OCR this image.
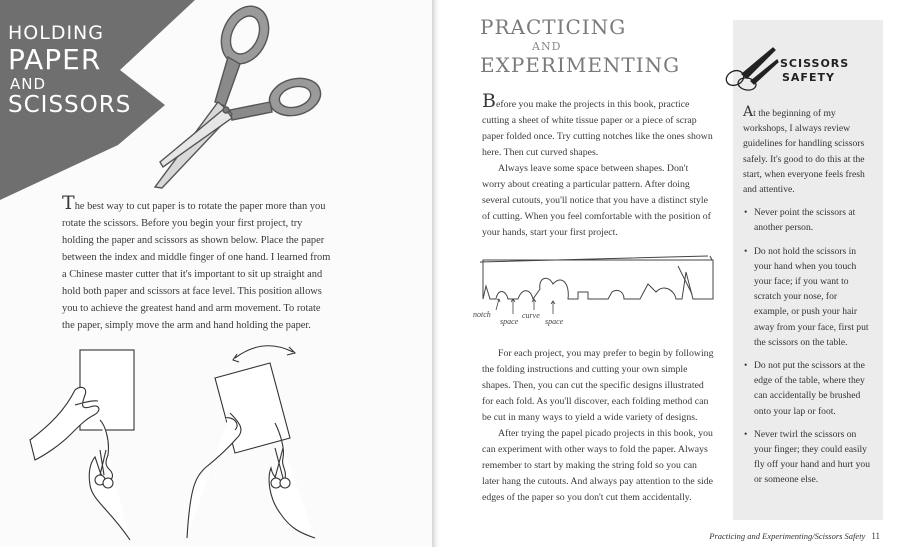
HOLDING
PAPER
AND
SCISSORS

The best way to cut paper is to rotate the paper more than you rotate the scissors. Before you begin your first project, try holding the paper and scissors as shown below. Place the paper between the index and middle finger of one hand. I learned from a Chinese master cutter that it's important to sit up straight and hold both paper and scissors at face level. This position allows you to achieve the greatest hand and arm movement. To rotate the paper, simply move the arm and hand holding the paper.

PRACTICING
AND
EXPERIMENTING

Before you make the projects in this book, practice cutting a sheet of white tissue paper or a piece of scrap paper folded once. Try cutting notches like the ones shown here. Then cut curved shapes.

Always leave some space between shapes. Don't worry about creating a particular pattern. After doing several cutouts, you'll notice that you have a distinct style of cutting. When you feel comfortable with the position of your hands, start your first project.

notch
space
curve
space

For each project, you may prefer to begin by following the folding instructions and cutting your own simple shapes. Then, you can cut the specific designs illustrated for each fold. As you'll discover, each folding method can be cut in many ways to yield a wide variety of designs.

After trying the papel picado projects in this book, you can experiment with other ways to fold the paper. Always remember to start by making the string fold so you can later hang the cutouts. And always pay attention to the side edges of the paper so you don't cut them accidentally.

SCISSORS
SAFETY

At the beginning of my workshops, I always review guidelines for handling scissors safely. It's good to do this at the start, when everyone feels fresh and attentive.

• Never point the scissors at another person.
• Do not hold the scissors in your hand when you touch your face; if you want to scratch your nose, for example, or push your hair away from your face, first put the scissors on the table.
• Do not put the scissors at the edge of the table, where they can accidentally be brushed onto your lap or foot.
• Never twirl the scissors on your finger; they could easily fly off your hand and hurt you or someone else.
Practicing and Experimenting/Scissors Safety 11
